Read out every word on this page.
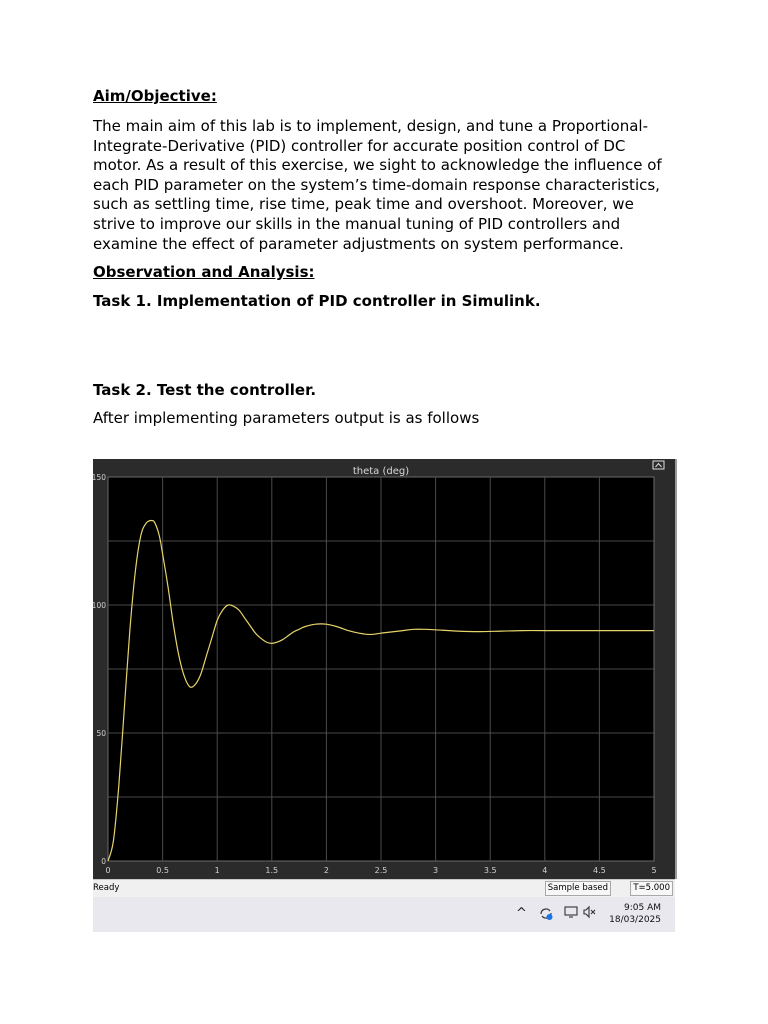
Aim/Objective:

The main aim of this lab is to implement, design, and tune a Proportional-Integrate-Derivative (PID) controller for accurate position control of DC motor. As a result of this exercise, we sight to acknowledge the influence of each PID parameter on the system’s time-domain response characteristics, such as settling time, rise time, peak time and overshoot. Moreover, we strive to improve our skills in the manual tuning of PID controllers and examine the effect of parameter adjustments on system performance.

Observation and Analysis:

Task 1. Implementation of PID controller in Simulink.

Task 2. Test the controller.

After implementing parameters output is as follows

theta (deg)
0
50
100
150
0	0.5	1	1.5	2	2.5	3	3.5	4	4.5	5
Ready	Sample based	T=5.000
^	9:05 AM
18/03/2025
